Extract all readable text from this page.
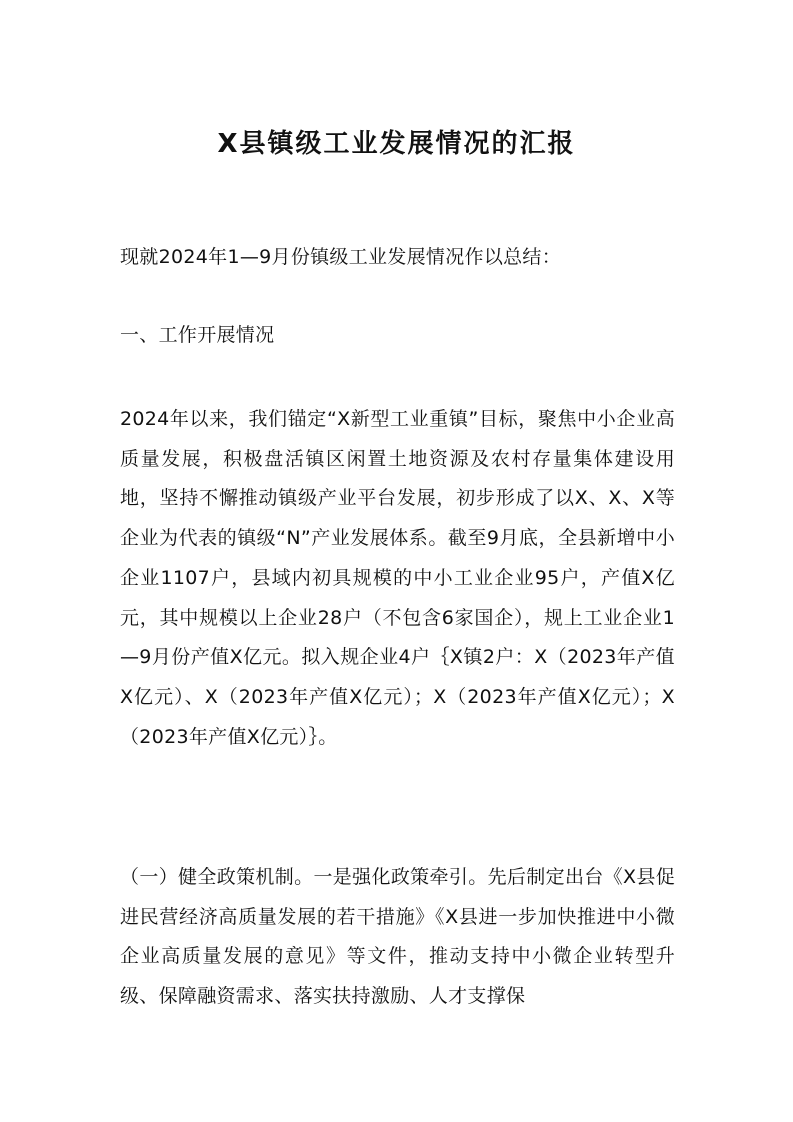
X县镇级工业发展情况的汇报
现就2024年1—9月份镇级工业发展情况作以总结：
一、工作开展情况
2024年以来，我们锚定“X新型工业重镇”目标，聚焦中小企业高质量发展，积极盘活镇区闲置土地资源及农村存量集体建设用地，坚持不懈推动镇级产业平台发展，初步形成了以X、X、X等企业为代表的镇级“N”产业发展体系。截至9月底，全县新增中小企业1107户，县域内初具规模的中小工业企业95户，产值X亿元，其中规模以上企业28户（不包含6家国企），规上工业企业1—9月份产值X亿元。拟入规企业4户｛X镇2户：X（2023年产值X亿元）、X（2023年产值X亿元）；X（2023年产值X亿元）；X（2023年产值X亿元）｝。
（一）健全政策机制。一是强化政策牵引。先后制定出台《X县促进民营经济高质量发展的若干措施》《X县进一步加快推进中小微企业高质量发展的意见》等文件，推动支持中小微企业转型升级、保障融资需求、落实扶持激励、人才支撑保
